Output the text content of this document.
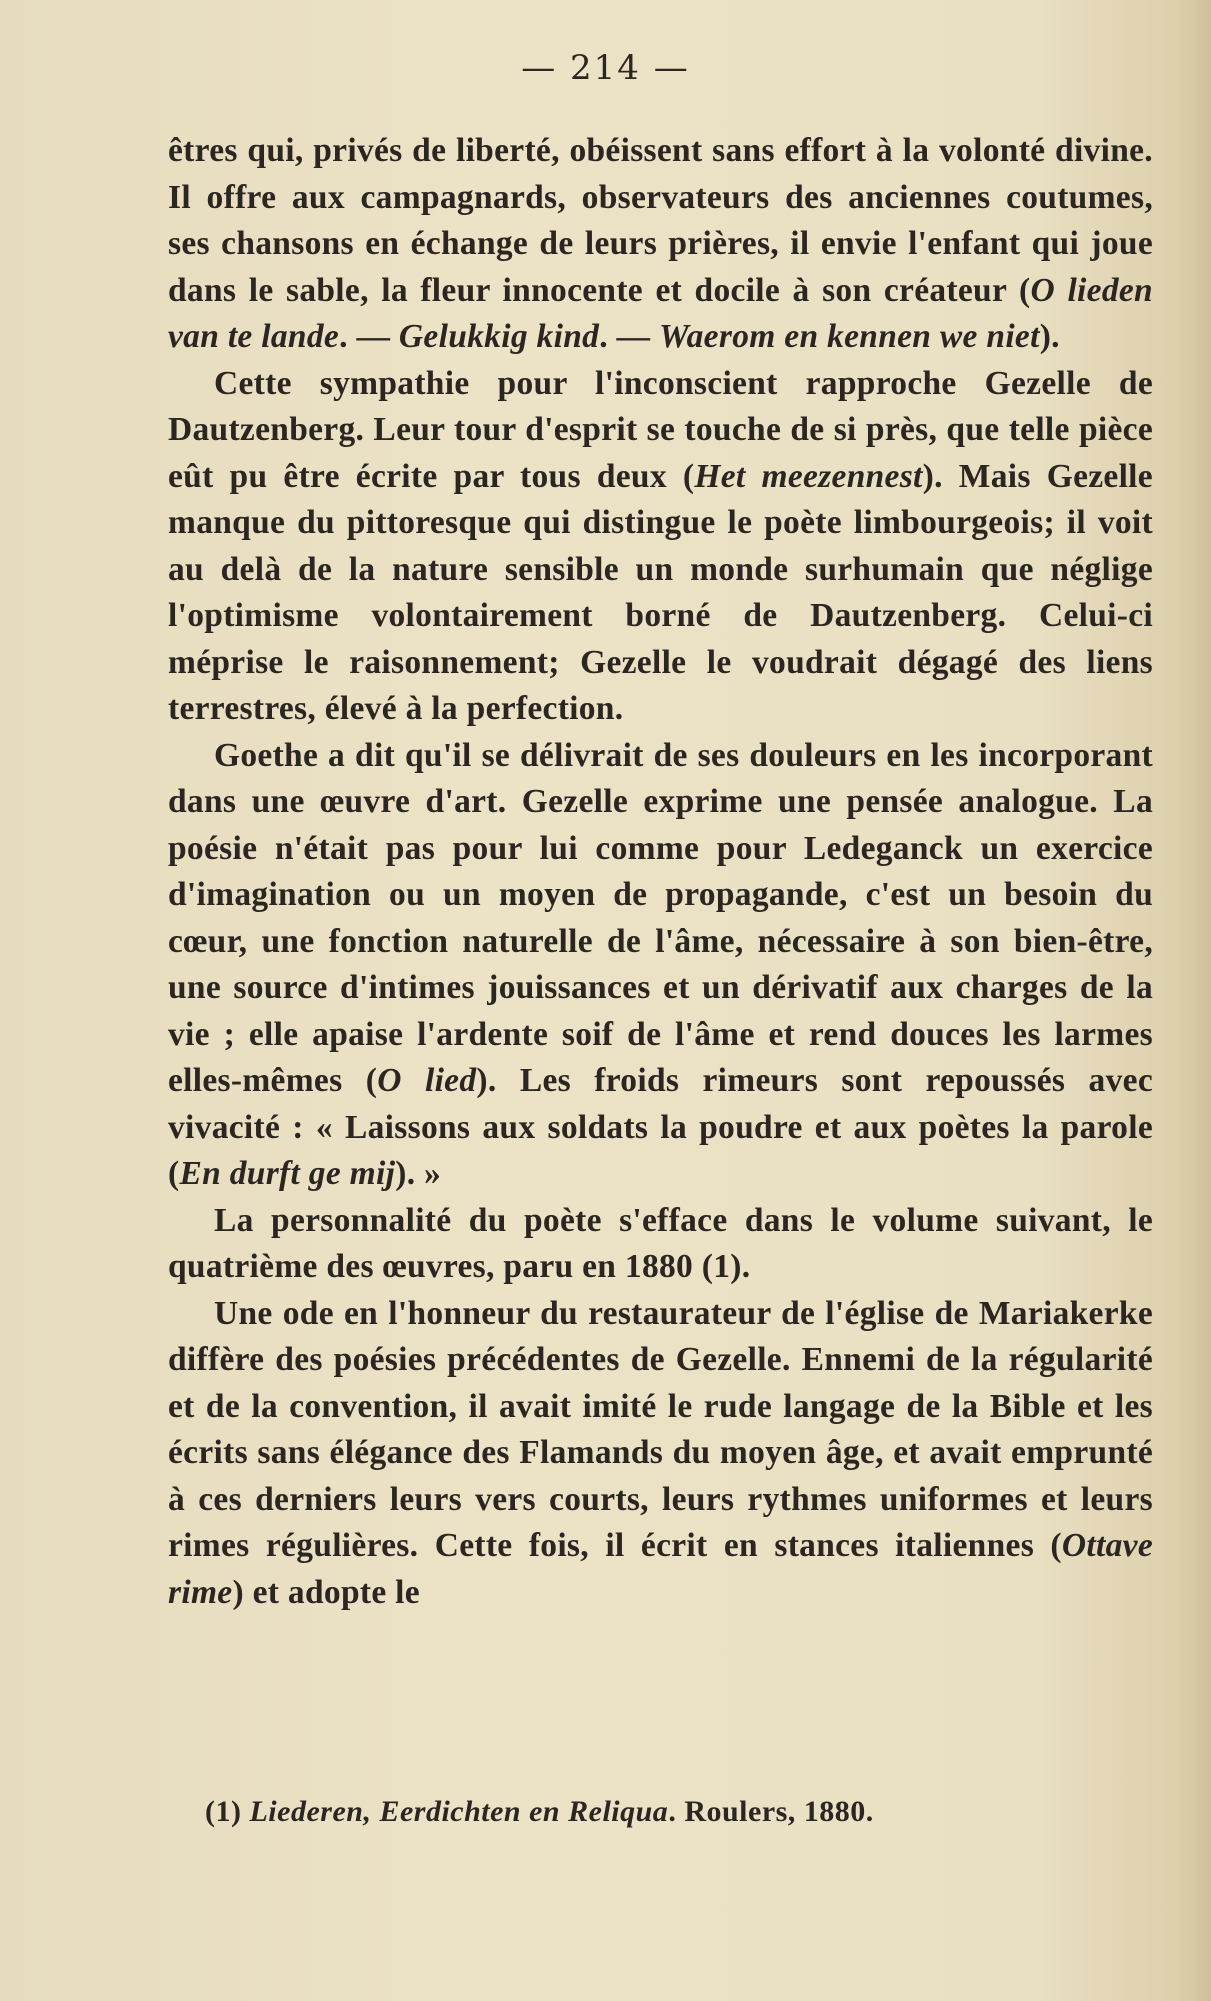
— 214 —

êtres qui, privés de liberté, obéissent sans effort à la volonté divine. Il offre aux campagnards, observateurs des anciennes coutumes, ses chansons en échange de leurs prières, il envie l'enfant qui joue dans le sable, la fleur innocente et docile à son créateur (O lieden van te lande. — Gelukkig kind. — Waerom en kennen we niet).

Cette sympathie pour l'inconscient rapproche Gezelle de Dautzenberg. Leur tour d'esprit se touche de si près, que telle pièce eût pu être écrite par tous deux (Het meezennest). Mais Gezelle manque du pittoresque qui distingue le poète limbourgeois; il voit au delà de la nature sensible un monde surhumain que néglige l'optimisme volontairement borné de Dautzenberg. Celui-ci méprise le raisonnement; Gezelle le voudrait dégagé des liens terrestres, élevé à la perfection.

Goethe a dit qu'il se délivrait de ses douleurs en les incorporant dans une œuvre d'art. Gezelle exprime une pensée analogue. La poésie n'était pas pour lui comme pour Ledeganck un exercice d'imagination ou un moyen de propagande, c'est un besoin du cœur, une fonction naturelle de l'âme, nécessaire à son bien-être, une source d'intimes jouissances et un dérivatif aux charges de la vie ; elle apaise l'ardente soif de l'âme et rend douces les larmes elles-mêmes (O lied). Les froids rimeurs sont repoussés avec vivacité : « Laissons aux soldats la poudre et aux poètes la parole (En durft ge mij). »

La personnalité du poète s'efface dans le volume suivant, le quatrième des œuvres, paru en 1880 (1).

Une ode en l'honneur du restaurateur de l'église de Mariakerke diffère des poésies précédentes de Gezelle. Ennemi de la régularité et de la convention, il avait imité le rude langage de la Bible et les écrits sans élégance des Flamands du moyen âge, et avait emprunté à ces derniers leurs vers courts, leurs rythmes uniformes et leurs rimes régulières. Cette fois, il écrit en stances italiennes (Ottave rime) et adopte le

(1) Liederen, Eerdichten en Reliqua. Roulers, 1880.
